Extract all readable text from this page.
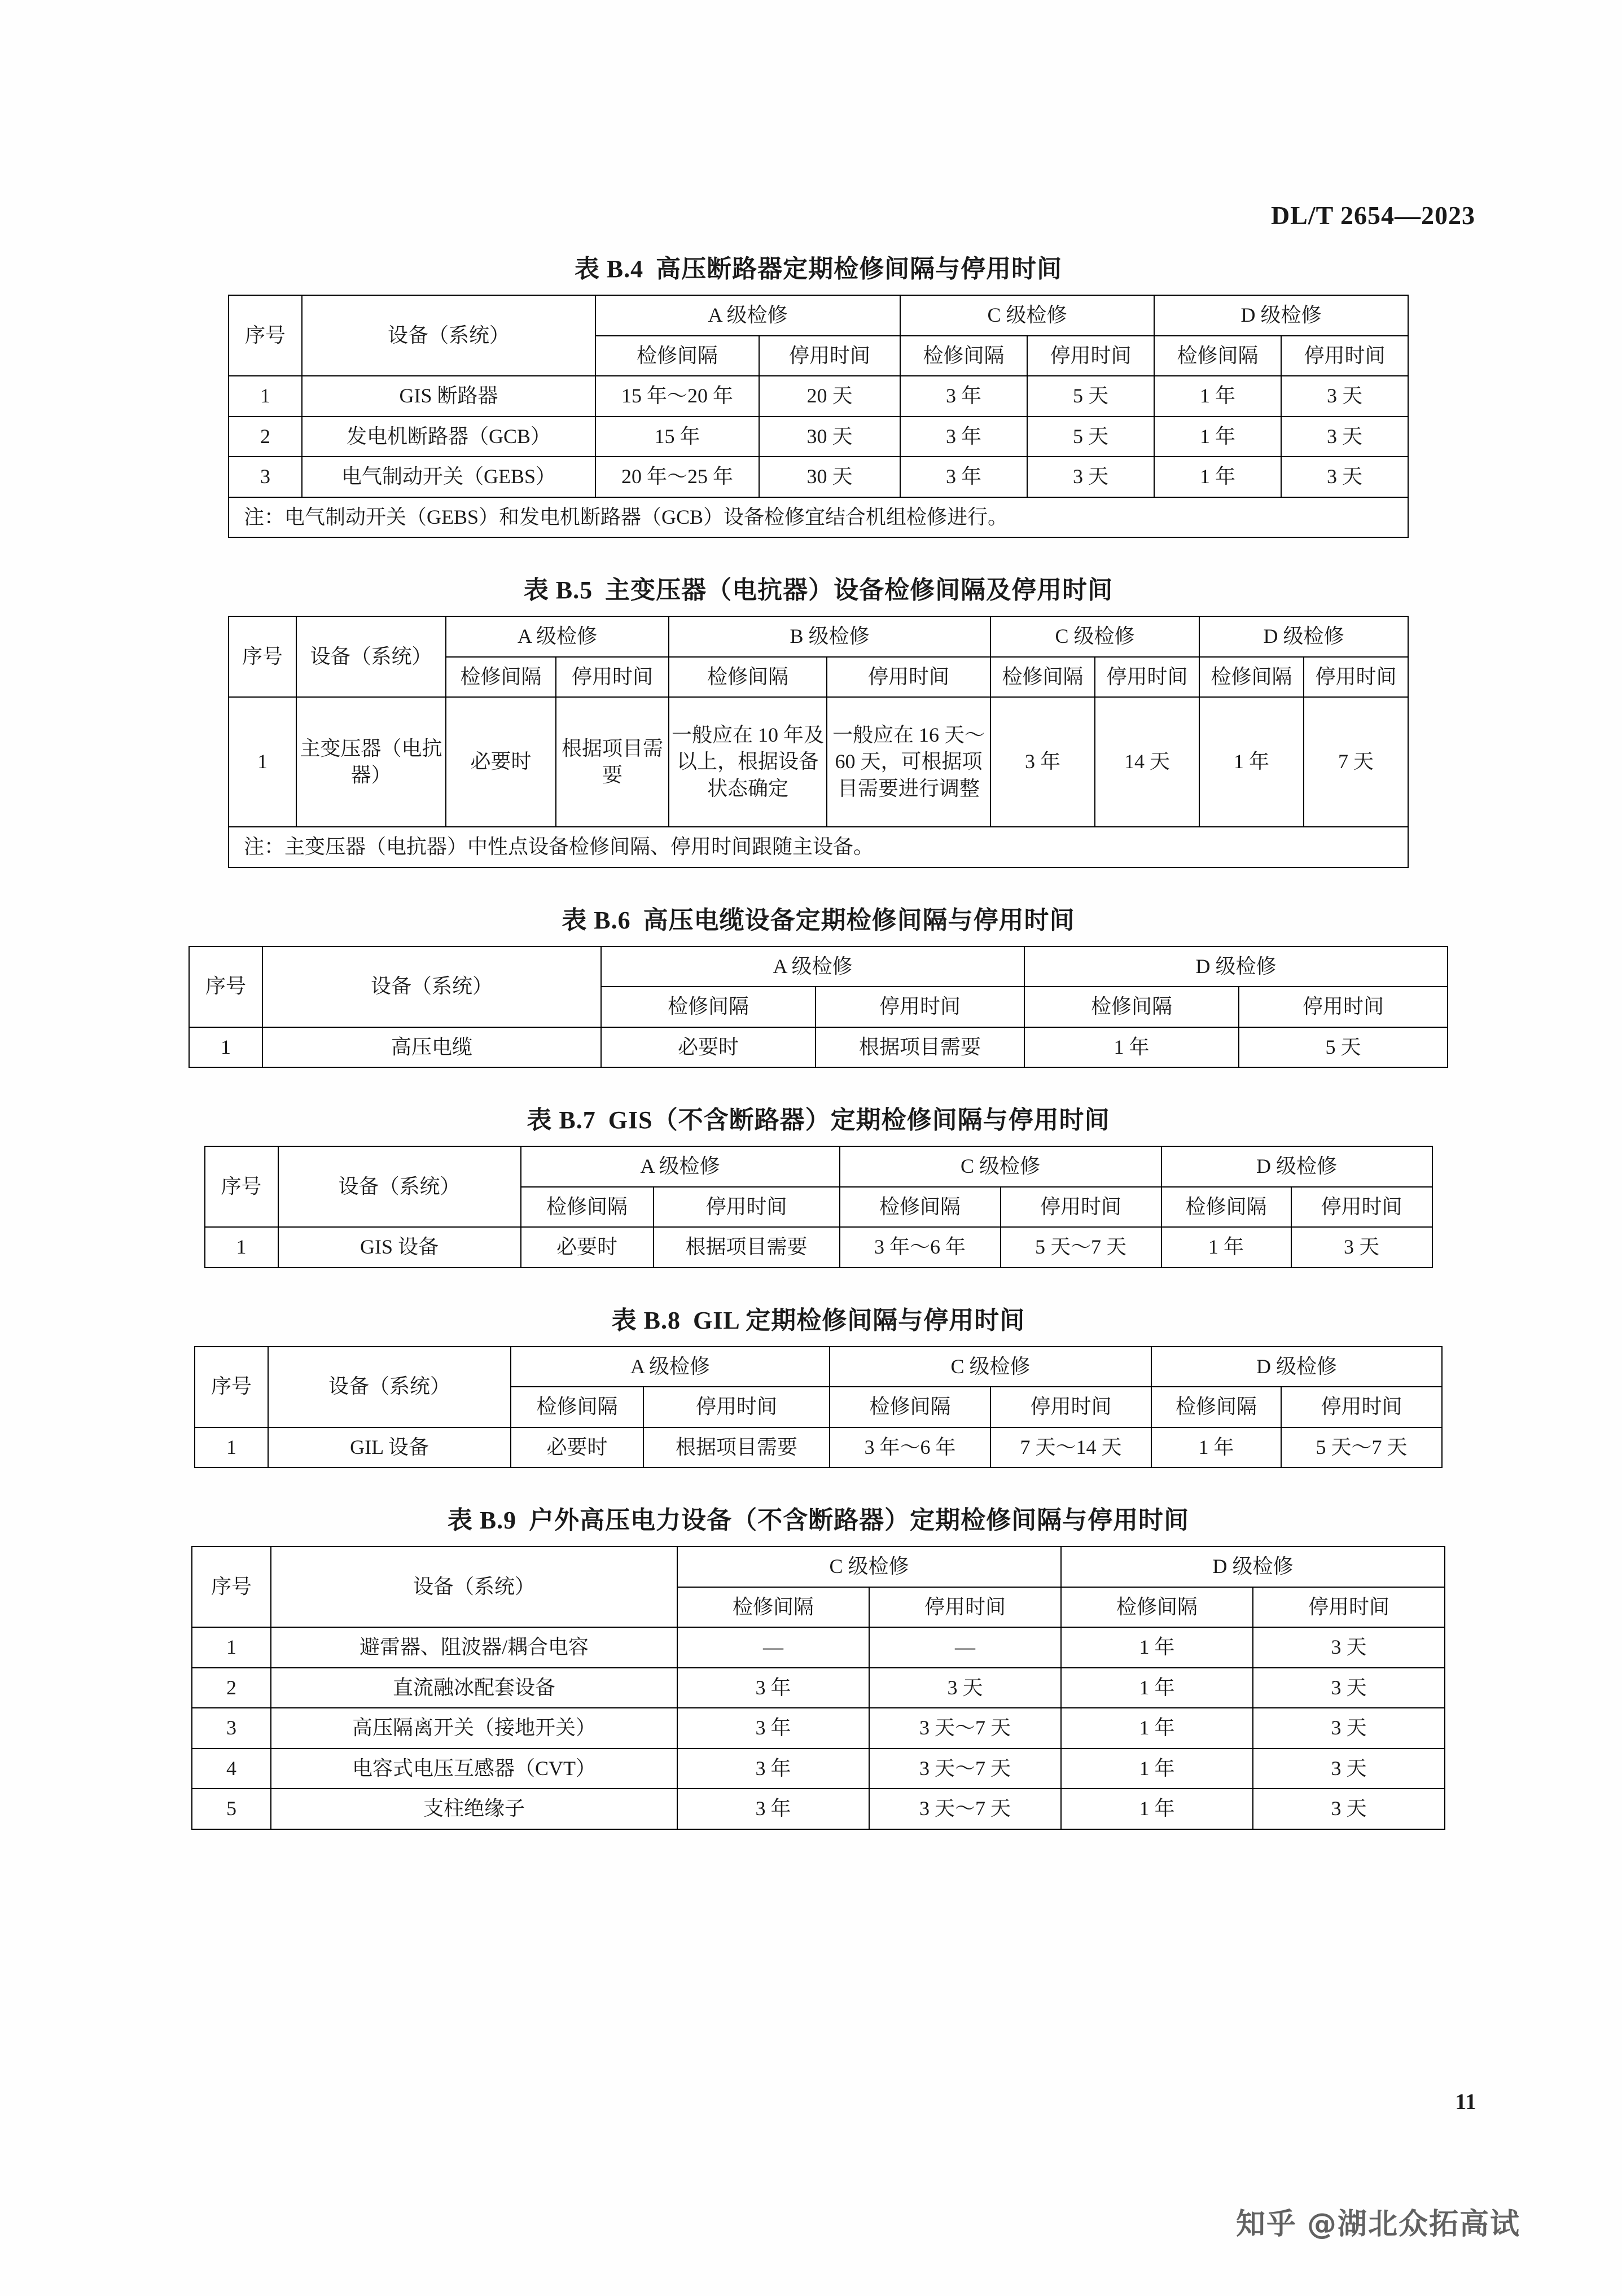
DL/T 2654—2023
表 B.4 高压断路器定期检修间隔与停用时间
序号	设备（系统）	A 级检修		C 级检修		D 级检修	
		检修间隔	停用时间	检修间隔	停用时间	检修间隔	停用时间
1	GIS 断路器	15 年～20 年	20 天	3 年	5 天	1 年	3 天
2	发电机断路器（GCB）	15 年	30 天	3 年	5 天	1 年	3 天
3	电气制动开关（GEBS）	20 年～25 年	30 天	3 年	3 天	1 年	3 天
注：电气制动开关（GEBS）和发电机断路器（GCB）设备检修宜结合机组检修进行。							
表 B.5 主变压器（电抗器）设备检修间隔及停用时间
序号	设备（系统）	A 级检修		B 级检修		C 级检修		D 级检修	
		检修间隔	停用时间	检修间隔	停用时间	检修间隔	停用时间	检修间隔	停用时间
1	主变压器（电抗器）	必要时	根据项目需要	一般应在 10 年及以上，根据设备状态确定	一般应在 16 天～60 天，可根据项目需要进行调整	3 年	14 天	1 年	7 天
注：主变压器（电抗器）中性点设备检修间隔、停用时间跟随主设备。									
表 B.6 高压电缆设备定期检修间隔与停用时间
序号	设备（系统）	A 级检修		D 级检修	
		检修间隔	停用时间	检修间隔	停用时间
1	高压电缆	必要时	根据项目需要	1 年	5 天
表 B.7 GIS（不含断路器）定期检修间隔与停用时间
序号	设备（系统）	A 级检修		C 级检修		D 级检修	
		检修间隔	停用时间	检修间隔	停用时间	检修间隔	停用时间
1	GIS 设备	必要时	根据项目需要	3 年～6 年	5 天～7 天	1 年	3 天
表 B.8 GIL 定期检修间隔与停用时间
序号	设备（系统）	A 级检修		C 级检修		D 级检修	
		检修间隔	停用时间	检修间隔	停用时间	检修间隔	停用时间
1	GIL 设备	必要时	根据项目需要	3 年～6 年	7 天～14 天	1 年	5 天～7 天
表 B.9 户外高压电力设备（不含断路器）定期检修间隔与停用时间
序号	设备（系统）	C 级检修		D 级检修	
		检修间隔	停用时间	检修间隔	停用时间
1	避雷器、阻波器/耦合电容	—	—	1 年	3 天
2	直流融冰配套设备	3 年	3 天	1 年	3 天
3	高压隔离开关（接地开关）	3 年	3 天～7 天	1 年	3 天
4	电容式电压互感器（CVT）	3 年	3 天～7 天	1 年	3 天
5	支柱绝缘子	3 年	3 天～7 天	1 年	3 天
11
知乎 @湖北众拓高试
